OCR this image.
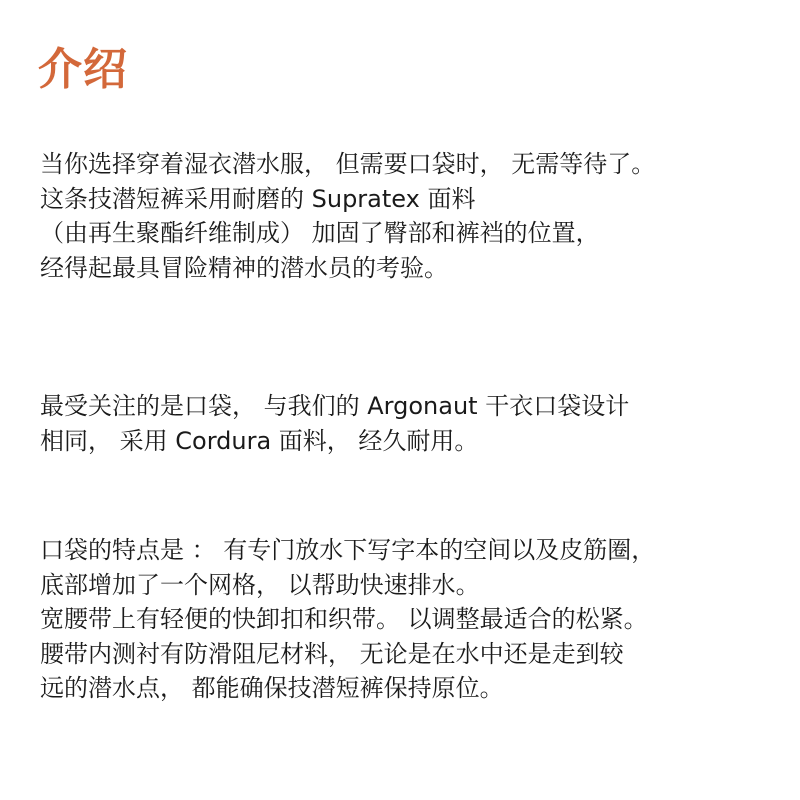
介绍
当你选择穿着湿衣潜水服， 但需要口袋时， 无需等待了。
这条技潜短裤采用耐磨的 Supratex 面料
（由再生聚酯纤维制成） 加固了臀部和裤裆的位置，
经得起最具冒险精神的潜水员的考验。
最受关注的是口袋， 与我们的 Argonaut 干衣口袋设计
相同， 采用 Cordura 面料， 经久耐用。
口袋的特点是 ： 有专门放水下写字本的空间以及皮筋圈，
底部增加了一个网格， 以帮助快速排水。
宽腰带上有轻便的快卸扣和织带。 以调整最适合的松紧。
腰带内测衬有防滑阻尼材料， 无论是在水中还是走到较
远的潜水点， 都能确保技潜短裤保持原位。
